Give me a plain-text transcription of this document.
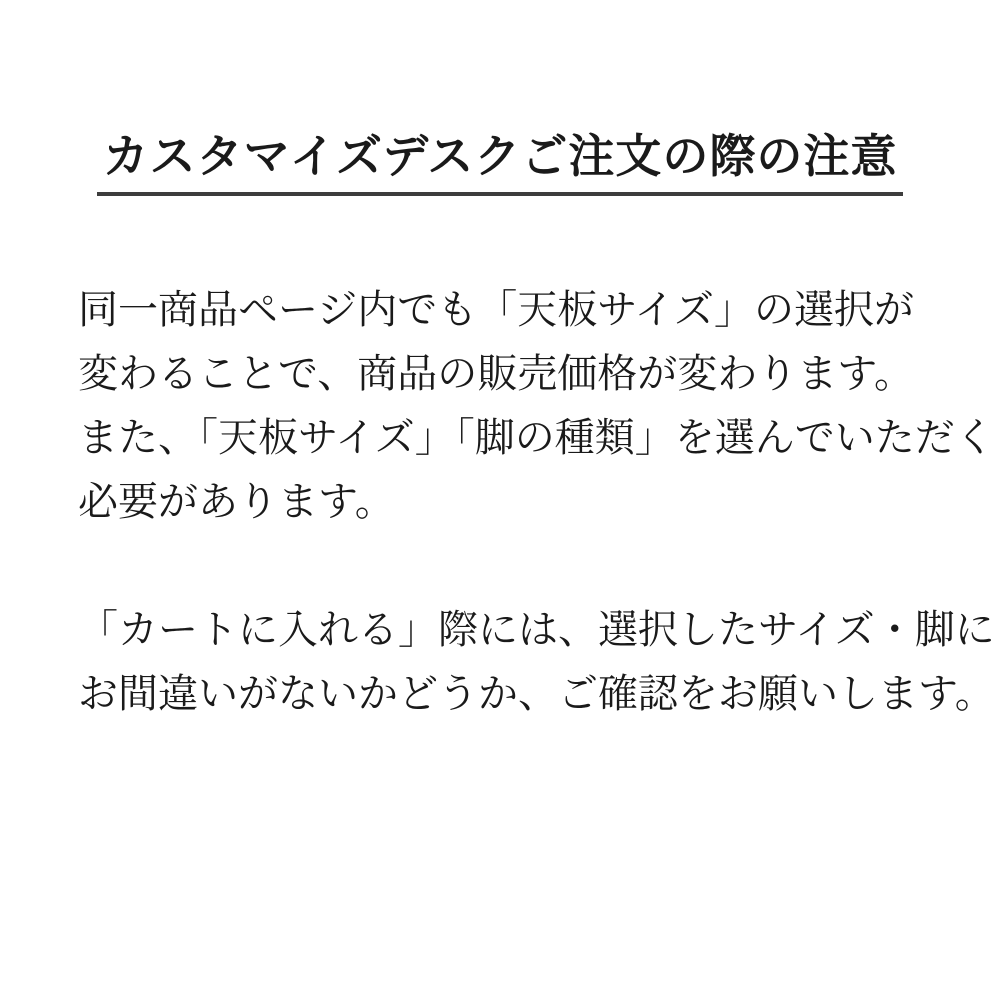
カスタマイズデスクご注文の際の注意

同一商品ページ内でも「天板サイズ」の選択が
変わることで、商品の販売価格が変わります。
また、「天板サイズ」「脚の種類」を選んでいただく
必要があります。

「カートに入れる」際には、選択したサイズ・脚に
お間違いがないかどうか、ご確認をお願いします。
